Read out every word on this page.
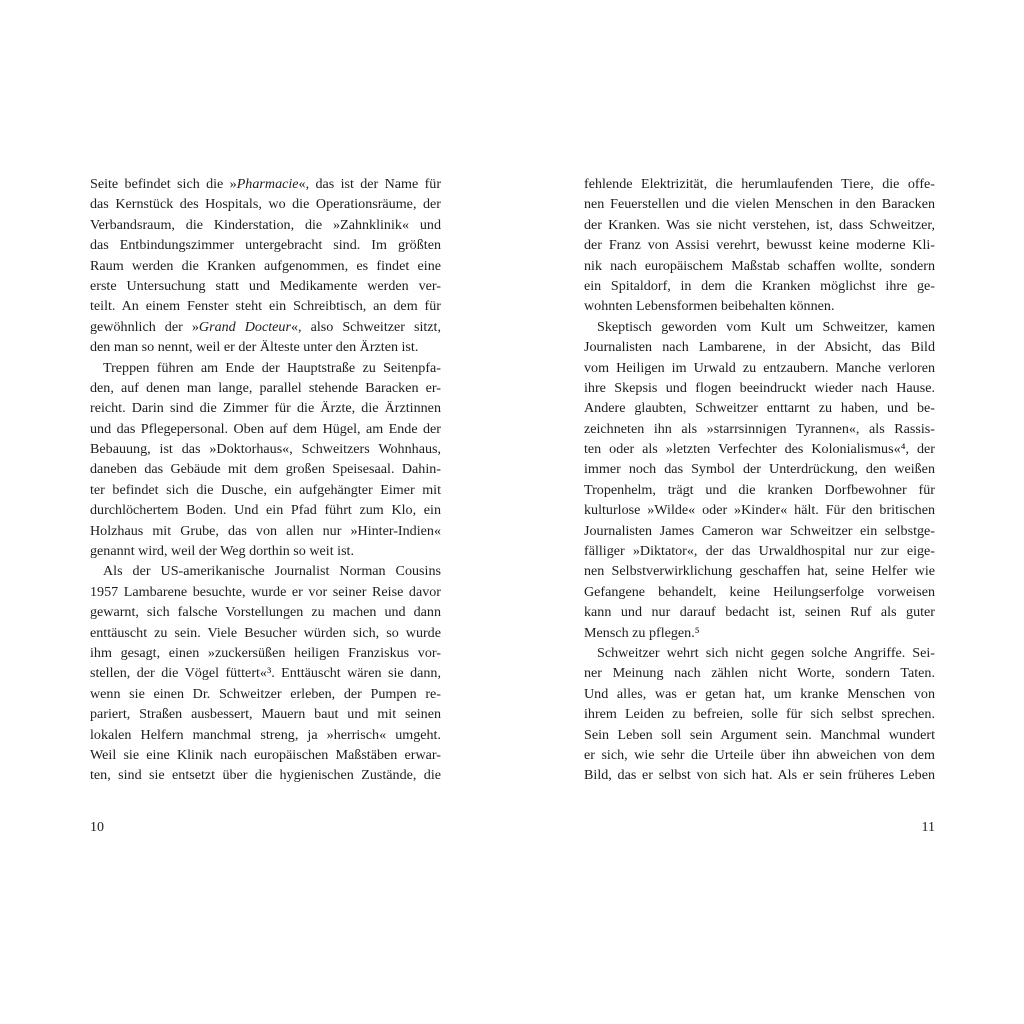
Seite befindet sich die »Pharmacie«, das ist der Name für
das Kernstück des Hospitals, wo die Operationsräume, der
Verbandsraum, die Kinderstation, die »Zahnklinik« und
das Entbindungszimmer untergebracht sind. Im größten
Raum werden die Kranken aufgenommen, es findet eine
erste Untersuchung statt und Medikamente werden ver-
teilt. An einem Fenster steht ein Schreibtisch, an dem für
gewöhnlich der »Grand Docteur«, also Schweitzer sitzt,
den man so nennt, weil er der Älteste unter den Ärzten ist.
Treppen führen am Ende der Hauptstraße zu Seitenpfa-
den, auf denen man lange, parallel stehende Baracken er-
reicht. Darin sind die Zimmer für die Ärzte, die Ärztinnen
und das Pflegepersonal. Oben auf dem Hügel, am Ende der
Bebauung, ist das »Doktorhaus«, Schweitzers Wohnhaus,
daneben das Gebäude mit dem großen Speisesaal. Dahin-
ter befindet sich die Dusche, ein aufgehängter Eimer mit
durchlöchertem Boden. Und ein Pfad führt zum Klo, ein
Holzhaus mit Grube, das von allen nur »Hinter-Indien«
genannt wird, weil der Weg dorthin so weit ist.
Als der US-amerikanische Journalist Norman Cousins
1957 Lambarene besuchte, wurde er vor seiner Reise davor
gewarnt, sich falsche Vorstellungen zu machen und dann
enttäuscht zu sein. Viele Besucher würden sich, so wurde
ihm gesagt, einen »zuckersüßen heiligen Franziskus vor-
stellen, der die Vögel füttert«³. Enttäuscht wären sie dann,
wenn sie einen Dr. Schweitzer erleben, der Pumpen re-
pariert, Straßen ausbessert, Mauern baut und mit seinen
lokalen Helfern manchmal streng, ja »herrisch« umgeht.
Weil sie eine Klinik nach europäischen Maßstäben erwar-
ten, sind sie entsetzt über die hygienischen Zustände, die
10
fehlende Elektrizität, die herumlaufenden Tiere, die offe-
nen Feuerstellen und die vielen Menschen in den Baracken
der Kranken. Was sie nicht verstehen, ist, dass Schweitzer,
der Franz von Assisi verehrt, bewusst keine moderne Kli-
nik nach europäischem Maßstab schaffen wollte, sondern
ein Spitaldorf, in dem die Kranken möglichst ihre ge-
wohnten Lebensformen beibehalten können.
Skeptisch geworden vom Kult um Schweitzer, kamen
Journalisten nach Lambarene, in der Absicht, das Bild
vom Heiligen im Urwald zu entzaubern. Manche verloren
ihre Skepsis und flogen beeindruckt wieder nach Hause.
Andere glaubten, Schweitzer enttarnt zu haben, und be-
zeichneten ihn als »starrsinnigen Tyrannen«, als Rassis-
ten oder als »letzten Verfechter des Kolonialismus«⁴, der
immer noch das Symbol der Unterdrückung, den weißen
Tropenhelm, trägt und die kranken Dorfbewohner für
kulturlose »Wilde« oder »Kinder« hält. Für den britischen
Journalisten James Cameron war Schweitzer ein selbstge-
fälliger »Diktator«, der das Urwaldhospital nur zur eige-
nen Selbstverwirklichung geschaffen hat, seine Helfer wie
Gefangene behandelt, keine Heilungserfolge vorweisen
kann und nur darauf bedacht ist, seinen Ruf als guter
Mensch zu pflegen.⁵
Schweitzer wehrt sich nicht gegen solche Angriffe. Sei-
ner Meinung nach zählen nicht Worte, sondern Taten.
Und alles, was er getan hat, um kranke Menschen von
ihrem Leiden zu befreien, solle für sich selbst sprechen.
Sein Leben soll sein Argument sein. Manchmal wundert
er sich, wie sehr die Urteile über ihn abweichen von dem
Bild, das er selbst von sich hat. Als er sein früheres Leben
11
